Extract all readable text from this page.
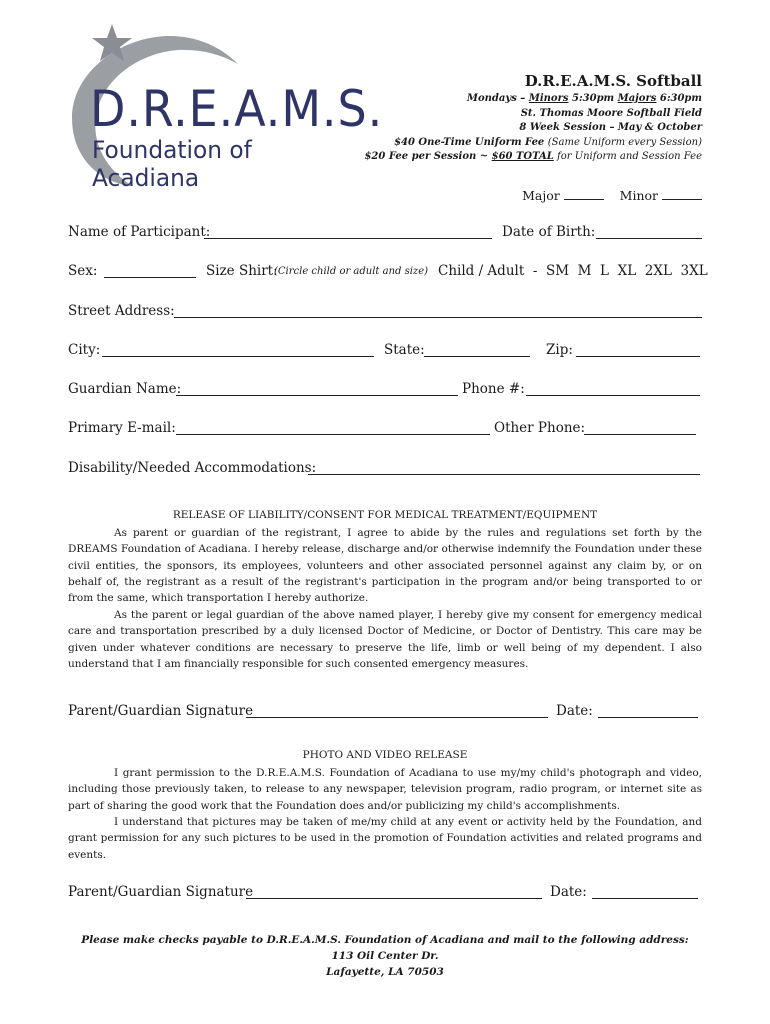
D.R.E.A.M.S.
Foundation of Acadiana
D.R.E.A.M.S. Softball
Mondays – Minors 5:30pm Majors 6:30pm
St. Thomas Moore Softball Field
8 Week Session – May & October
$40 One-Time Uniform Fee (Same Uniform every Session)
$20 Fee per Session ~ $60 TOTAL for Uniform and Session Fee
Major	Minor
Name of Participant:	Date of Birth:
Sex:	Size Shirt:
(Circle child or adult and size) Child / Adult  -  SM  M  L  XL  2XL  3XL
Street Address:
City:	State:	Zip:
Guardian Name:	Phone #:
Primary E-mail:	Other Phone:
Disability/Needed Accommodations:
RELEASE OF LIABILITY/CONSENT FOR MEDICAL TREATMENT/EQUIPMENT
As parent or guardian of the registrant, I agree to abide by the rules and regulations set forth by the DREAMS Foundation of Acadiana. I hereby release, discharge and/or otherwise indemnify the Foundation under these civil entities, the sponsors, its employees, volunteers and other associated personnel against any claim by, or on behalf of, the registrant as a result of the registrant's participation in the program and/or being transported to or from the same, which transportation I hereby authorize.
As the parent or legal guardian of the above named player, I hereby give my consent for emergency medical care and transportation prescribed by a duly licensed Doctor of Medicine, or Doctor of Dentistry. This care may be given under whatever conditions are necessary to preserve the life, limb or well being of my dependent. I also understand that I am financially responsible for such consented emergency measures.
Parent/Guardian Signature	Date:
PHOTO AND VIDEO RELEASE
I grant permission to the D.R.E.A.M.S. Foundation of Acadiana to use my/my child's photograph and video, including those previously taken, to release to any newspaper, television program, radio program, or internet site as part of sharing the good work that the Foundation does and/or publicizing my child's accomplishments.
I understand that pictures may be taken of me/my child at any event or activity held by the Foundation, and grant permission for any such pictures to be used in the promotion of Foundation activities and related programs and events.
Parent/Guardian Signature	Date:
Please make checks payable to D.R.E.A.M.S. Foundation of Acadiana and mail to the following address:
113 Oil Center Dr.
Lafayette, LA 70503
